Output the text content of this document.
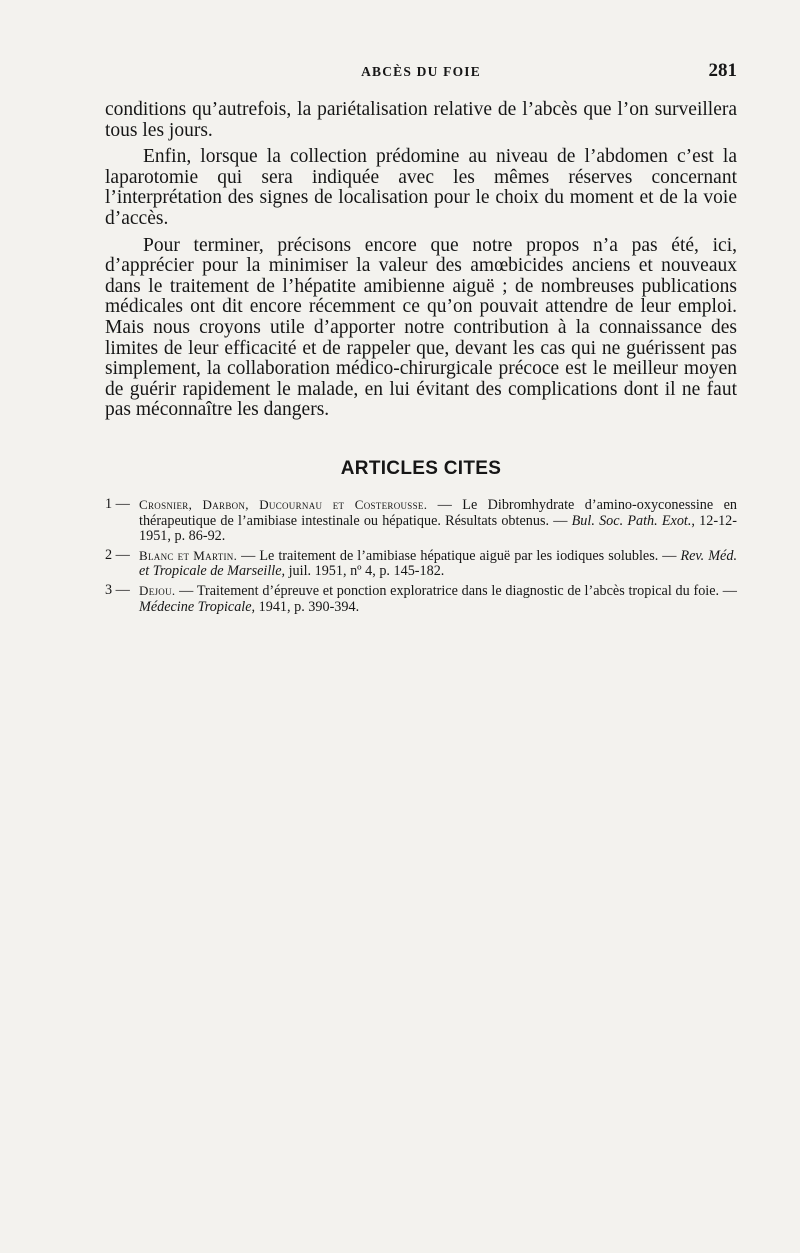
ABCÈS DU FOIE	281

conditions qu’autrefois, la pariétalisation relative de l’abcès que l’on surveillera tous les jours.

Enfin, lorsque la collection prédomine au niveau de l’abdomen c’est la laparotomie qui sera indiquée avec les mêmes réserves concernant l’interprétation des signes de localisation pour le choix du moment et de la voie d’accès.

Pour terminer, précisons encore que notre propos n’a pas été, ici, d’apprécier pour la minimiser la valeur des amœbicides anciens et nouveaux dans le traitement de l’hépatite amibienne aiguë ; de nombreuses publications médicales ont dit encore récemment ce qu’on pouvait attendre de leur emploi. Mais nous croyons utile d’apporter notre contribution à la connaissance des limites de leur efficacité et de rappeler que, devant les cas qui ne guérissent pas simplement, la collaboration médico-chirurgicale précoce est le meilleur moyen de guérir rapidement le malade, en lui évitant des complications dont il ne faut pas méconnaître les dangers.

ARTICLES CITES
1 — Crosnier, Darbon, Ducournau et Costerousse. — Le Dibromhydrate d’amino-oxyconessine en thérapeutique de l’amibiase intestinale ou hépatique. Résultats obtenus. — Bul. Soc. Path. Exot., 12-12-1951, p. 86-92.
2 — Blanc et Martin. — Le traitement de l’amibiase hépatique aiguë par les iodiques solubles. — Rev. Méd. et Tropicale de Marseille, juil. 1951, nº 4, p. 145-182.
3 — Dejou. — Traitement d’épreuve et ponction exploratrice dans le diagnostic de l’abcès tropical du foie. — Médecine Tropicale, 1941, p. 390-394.
